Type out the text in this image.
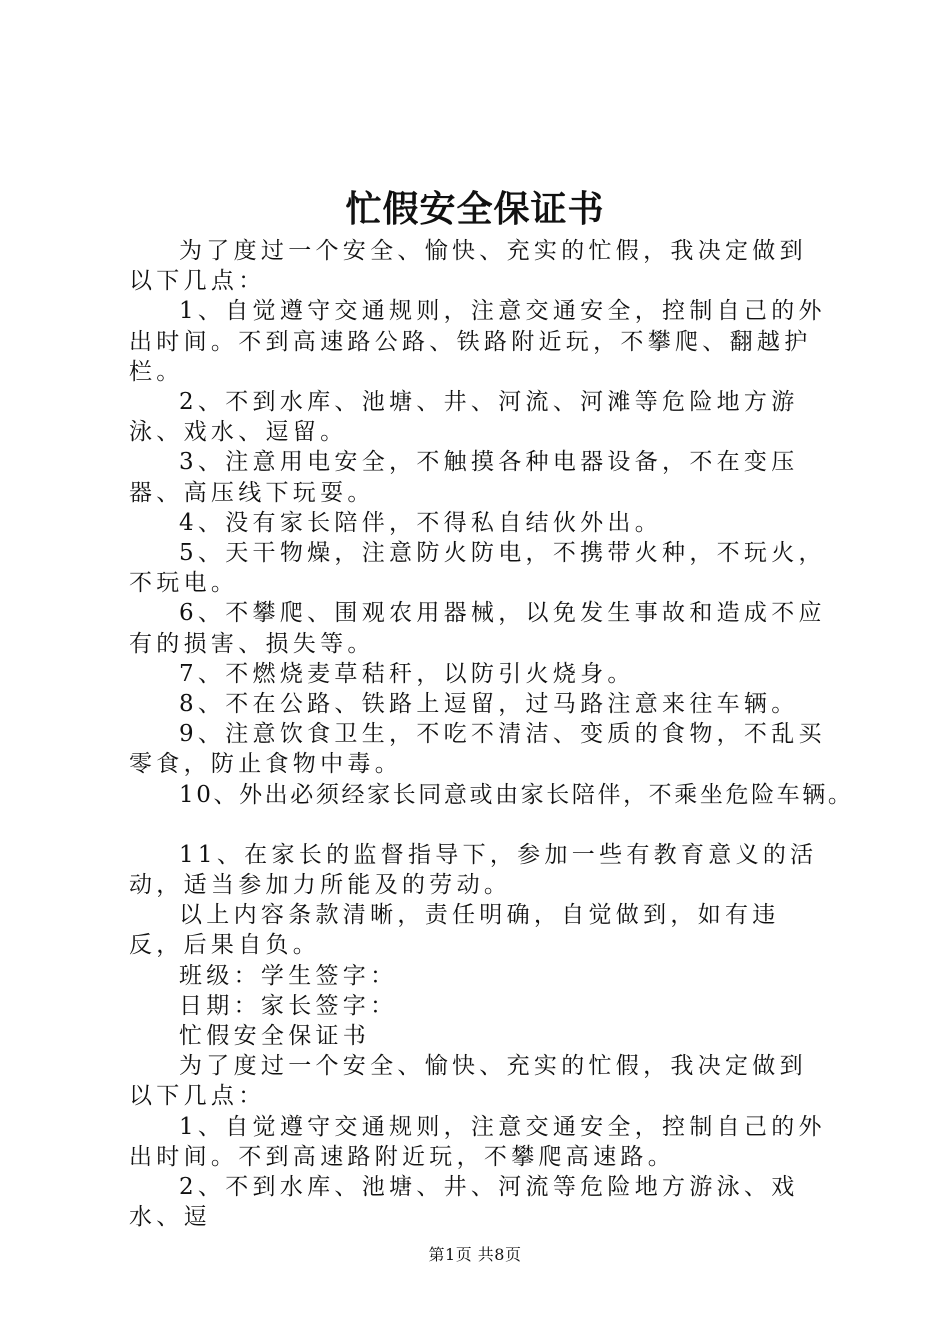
忙假安全保证书

为了度过一个安全、愉快、充实的忙假，我决定做到以下几点：

1、自觉遵守交通规则，注意交通安全，控制自己的外出时间。不到高速路公路、铁路附近玩，不攀爬、翻越护栏。

2、不到水库、池塘、井、河流、河滩等危险地方游泳、戏水、逗留。

3、注意用电安全，不触摸各种电器设备，不在变压器、高压线下玩耍。

4、没有家长陪伴，不得私自结伙外出。

5、天干物燥，注意防火防电，不携带火种，不玩火，不玩电。

6、不攀爬、围观农用器械，以免发生事故和造成不应有的损害、损失等。

7、不燃烧麦草秸秆，以防引火烧身。

8、不在公路、铁路上逗留，过马路注意来往车辆。

9、注意饮食卫生，不吃不清洁、变质的食物，不乱买零食，防止食物中毒。

10、外出必须经家长同意或由家长陪伴，不乘坐危险车辆。

11、在家长的监督指导下，参加一些有教育意义的活动，适当参加力所能及的劳动。

以上内容条款清晰，责任明确，自觉做到，如有违反，后果自负。

班级：学生签字：

日期：家长签字：

忙假安全保证书

为了度过一个安全、愉快、充实的忙假，我决定做到以下几点：

1、自觉遵守交通规则，注意交通安全，控制自己的外出时间。不到高速路附近玩，不攀爬高速路。

2、不到水库、池塘、井、河流等危险地方游泳、戏水、逗

第1页 共8页
